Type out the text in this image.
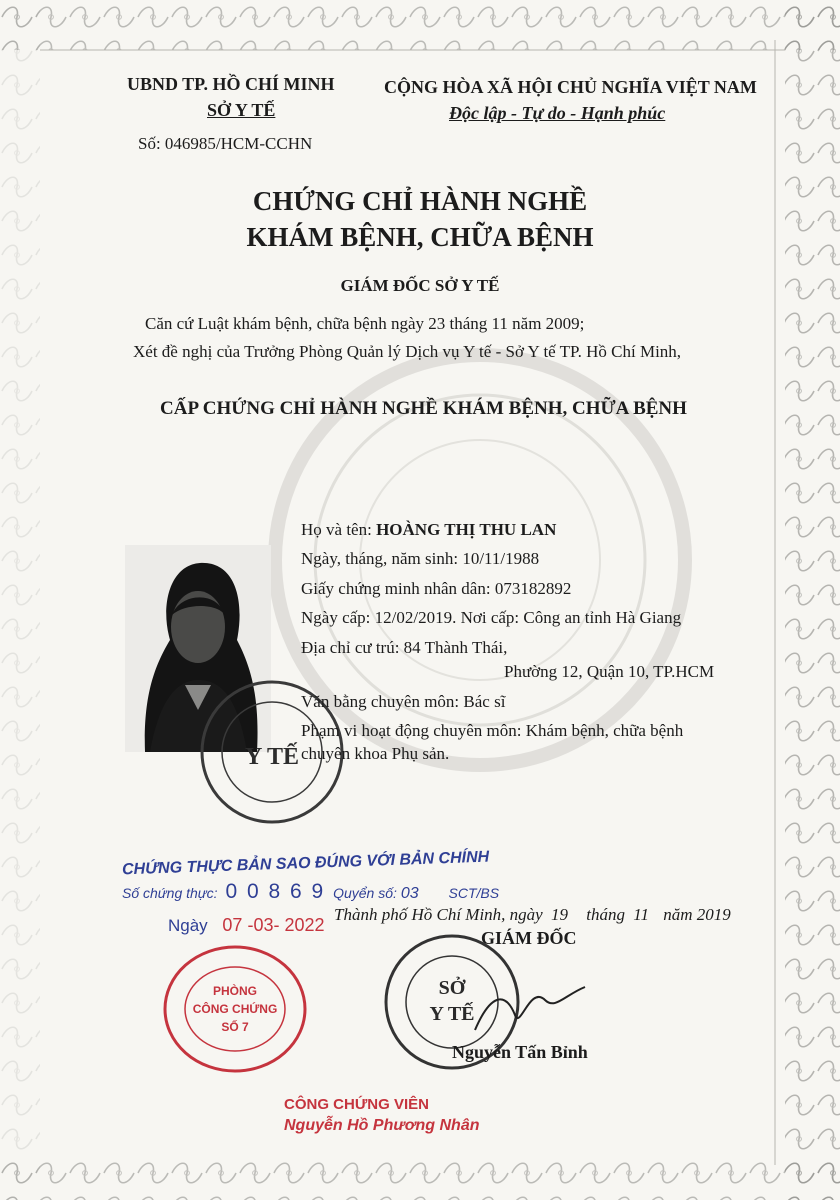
UBND TP. HỒ CHÍ MINH
SỞ Y TẾ
Số: 046985/HCM-CCHN
CỘNG HÒA XÃ HỘI CHỦ NGHĨA VIỆT NAM
Độc lập - Tự do - Hạnh phúc
CHỨNG CHỈ HÀNH NGHỀ
KHÁM BỆNH, CHỮA BỆNH
GIÁM ĐỐC SỞ Y TẾ
Căn cứ Luật khám bệnh, chữa bệnh ngày 23 tháng 11 năm 2009;
Xét đề nghị của Trưởng Phòng Quản lý Dịch vụ Y tế - Sở Y tế TP. Hồ Chí Minh,
CẤP CHỨNG CHỈ HÀNH NGHỀ KHÁM BỆNH, CHỮA BỆNH
Y TẾ
Họ và tên: HOÀNG THỊ THU LAN
Ngày, tháng, năm sinh: 10/11/1988
Giấy chứng minh nhân dân: 073182892
Ngày cấp: 12/02/2019. Nơi cấp: Công an tỉnh Hà Giang
Địa chỉ cư trú: 84 Thành Thái,
Phường 12, Quận 10, TP.HCM
Văn bằng chuyên môn: Bác sĩ
Phạm vi hoạt động chuyên môn: Khám bệnh, chữa bệnh
chuyên khoa Phụ sản.
CHỨNG THỰC BẢN SAO ĐÚNG VỚI BẢN CHÍNH
Số chứng thực: 0 0 8 6 9 Quyển số: 03 SCT/BS
Ngày 07 -03- 2022
Thành phố Hồ Chí Minh, ngày 19 tháng 11 năm 2019
GIÁM ĐỐC
SỞ
Y TẾ
Nguyễn Tấn Bỉnh
PHÒNG
CÔNG CHỨNG
SỐ 7
CÔNG CHỨNG VIÊN
Nguyễn Hồ Phương Nhân
